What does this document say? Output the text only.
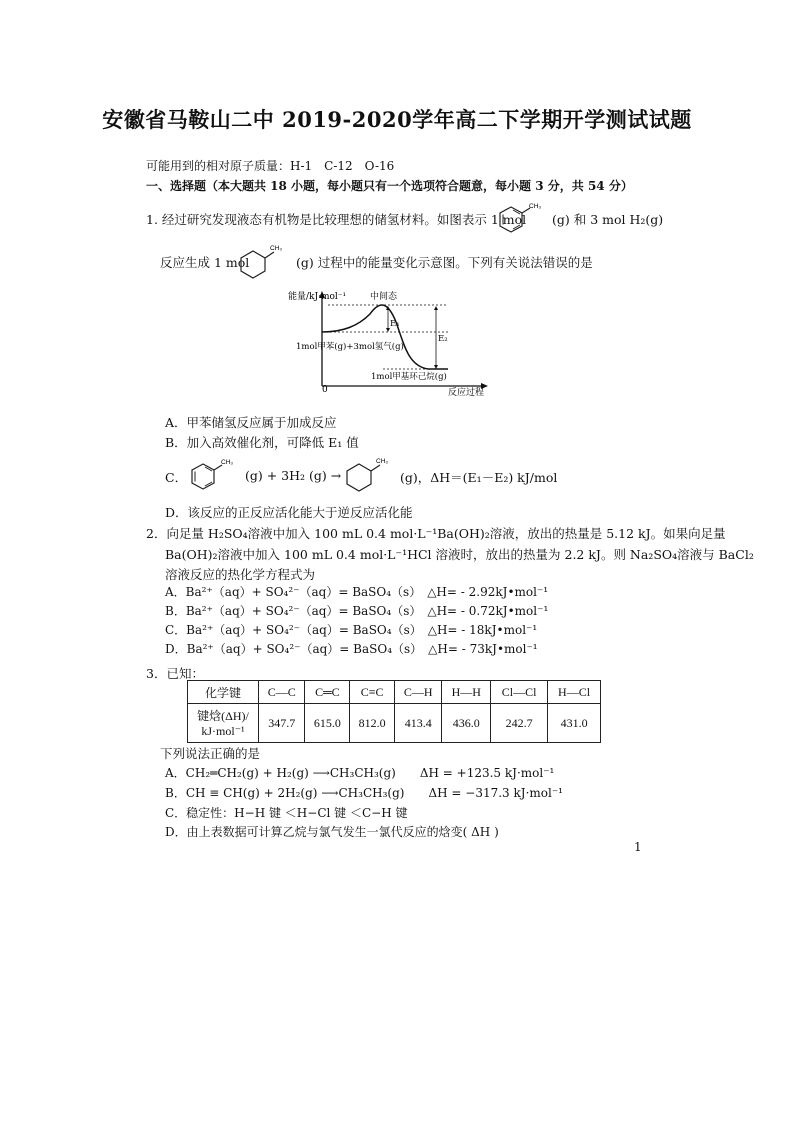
安徽省马鞍山二中 2019-2020学年高二下学期开学测试试题
可能用到的相对原子质量：H-1　C-12　O-16
一、选择题（本大题共 18 小题，每小题只有一个选项符合题意，每小题 3 分，共 54 分）
1. 经过研究发现液态有机物是比较理想的储氢材料。如图表示 1 mol
CH₃
(g) 和 3 mol H₂(g)
反应生成 1 mol
CH₃
(g) 过程中的能量变化示意图。下列有关说法错误的是
能量/kJ·mol⁻¹	中间态
E₁
E₂
1mol甲苯(g)+3mol氢气(g)
1mol甲基环己烷(g)
0	反应过程
A．甲苯储氢反应属于加成反应
B．加入高效催化剂，可降低 E₁ 值
C．
CH₃
(g) + 3H₂ (g) →
CH₃
(g)，ΔH＝(E₁－E₂) kJ/mol
D．该反应的正反应活化能大于逆反应活化能
2．向足量 H₂SO₄溶液中加入 100 mL 0.4 mol·L⁻¹Ba(OH)₂溶液，放出的热量是 5.12 kJ。如果向足量
Ba(OH)₂溶液中加入 100 mL 0.4 mol·L⁻¹HCl 溶液时，放出的热量为 2.2 kJ。则 Na₂SO₄溶液与 BaCl₂
溶液反应的热化学方程式为
A．Ba²⁺（aq）+ SO₄²⁻（aq）= BaSO₄（s）　△H= - 2.92kJ•mol⁻¹
B．Ba²⁺（aq）+ SO₄²⁻（aq）= BaSO₄（s）　△H= - 0.72kJ•mol⁻¹
C．Ba²⁺（aq）+ SO₄²⁻（aq）= BaSO₄（s）　△H= - 18kJ•mol⁻¹
D．Ba²⁺（aq）+ SO₄²⁻（aq）= BaSO₄（s）　△H= - 73kJ•mol⁻¹
3．已知：
化学键	C—C	C═C	C≡C	C—H	H—H	Cl—Cl	H—Cl

键焓(ΔH)/
kJ·mol⁻¹	347.7	615.0	812.0	413.4	436.0	242.7	431.0
下列说法正确的是
A．CH₂═CH₂(g) + H₂(g) ⟶CH₃CH₃(g)　　ΔH = +123.5 kJ·mol⁻¹
B．CH ≡ CH(g) + 2H₂(g) ⟶CH₃CH₃(g)　　ΔH = −317.3 kJ·mol⁻¹
C．稳定性：H−H 键 ＜H−Cl 键 ＜C−H 键
D．由上表数据可计算乙烷与氯气发生一氯代反应的焓变( ΔH )
1
